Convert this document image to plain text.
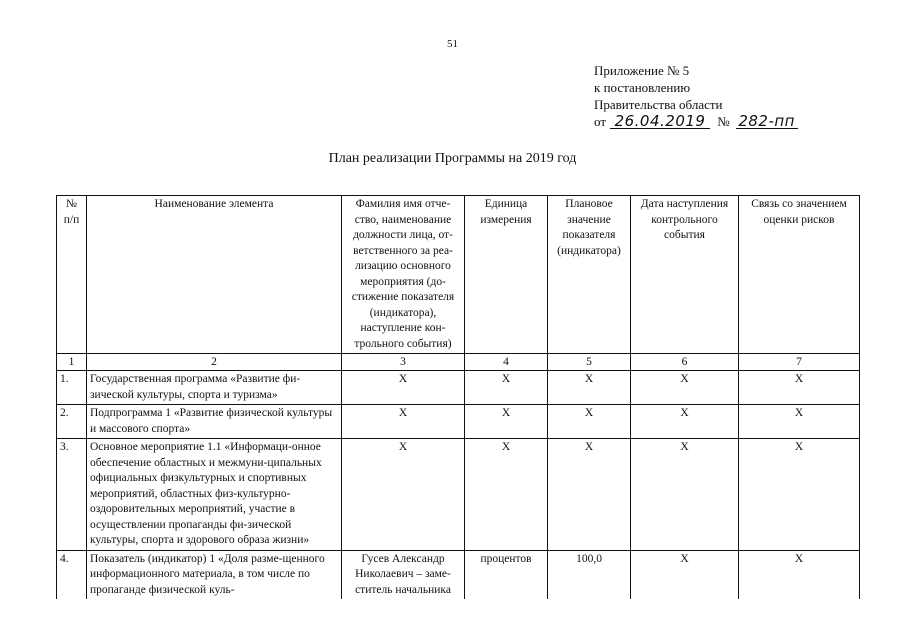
51
Приложение № 5
к постановлению
Правительства области
от 26.04.2019 № 282-пп
План реализации Программы на 2019 год
№ п/п	Наименование элемента	Фамилия имя отче-ство, наименование должности лица, от-ветственного за реа-лизацию основного мероприятия (до-стижение показателя (индикатора), наступление кон-трольного события)	Единица измерения	Плановое значение показателя (индикатора)	Дата наступления контрольного события	Связь со значением оценки рисков
1	2	3	4	5	6	7
1.	Государственная программа «Развитие фи-зической культуры, спорта и туризма»	X	X	X	X	X
2.	Подпрограмма 1 «Развитие физической культуры и массового спорта»	X	X	X	X	X
3.	Основное мероприятие 1.1 «Информаци-онное обеспечение областных и межмуни-ципальных официальных физкультурных и спортивных мероприятий, областных физ-культурно-оздоровительных мероприятий, участие в осуществлении пропаганды фи-зической культуры, спорта и здорового образа жизни»	X	X	X	X	X
4.	Показатель (индикатор) 1 «Доля разме-щенного информационного материала, в том числе по пропаганде физической куль-	Гусев Александр Николаевич – заме-ститель начальника	процентов	100,0	X	X
